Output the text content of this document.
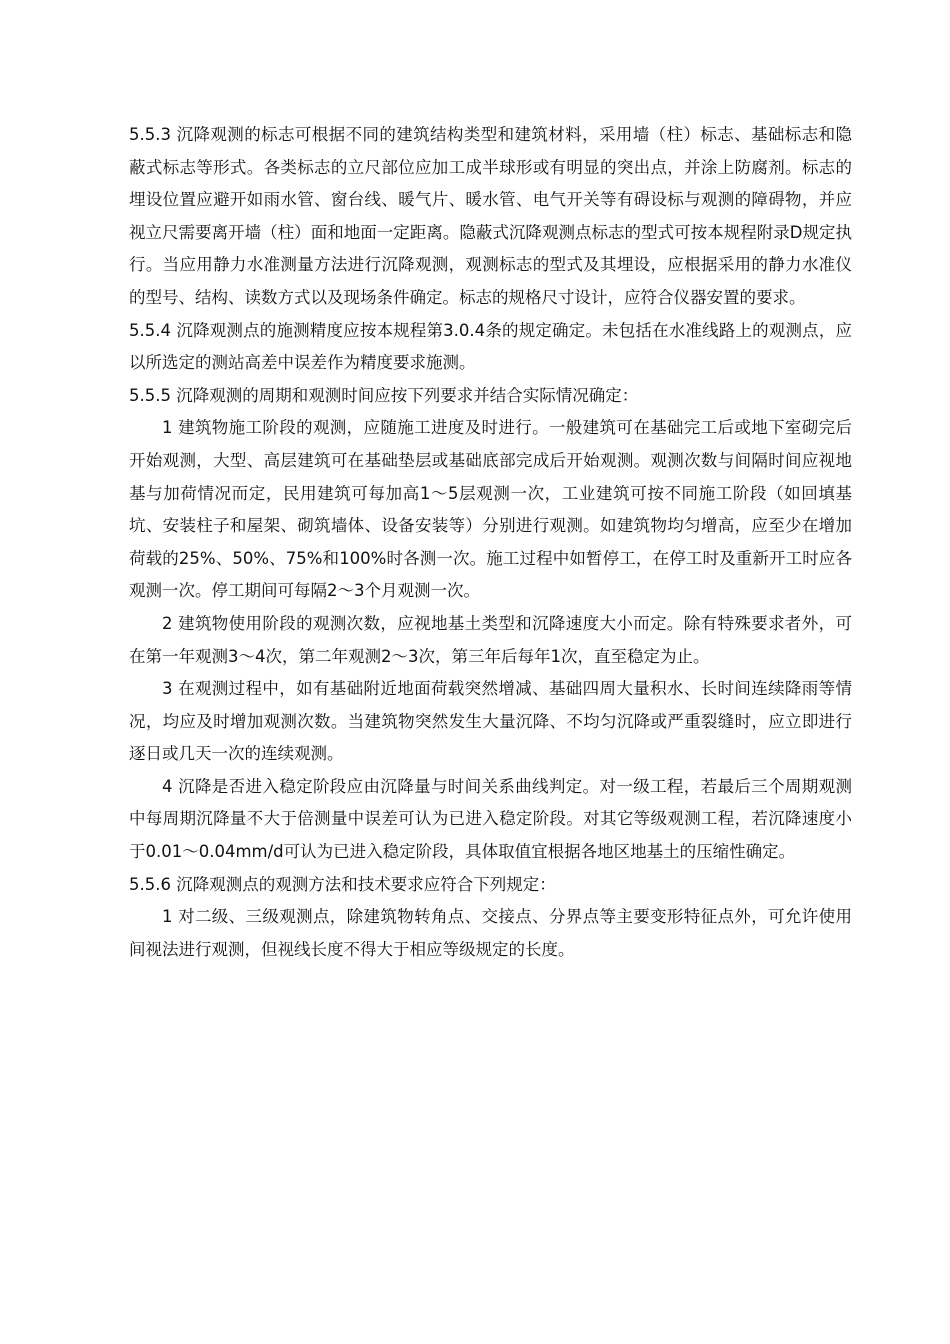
5.5.3 沉降观测的标志可根据不同的建筑结构类型和建筑材料，采用墙（柱）标志、基础标志和隐蔽式标志等形式。各类标志的立尺部位应加工成半球形或有明显的突出点，并涂上防腐剂。标志的埋设位置应避开如雨水管、窗台线、暖气片、暖水管、电气开关等有碍设标与观测的障碍物，并应视立尺需要离开墙（柱）面和地面一定距离。隐蔽式沉降观测点标志的型式可按本规程附录D规定执行。当应用静力水准测量方法进行沉降观测，观测标志的型式及其埋设，应根据采用的静力水准仪的型号、结构、读数方式以及现场条件确定。标志的规格尺寸设计，应符合仪器安置的要求。

5.5.4 沉降观测点的施测精度应按本规程第3.0.4条的规定确定。未包括在水准线路上的观测点，应以所选定的测站高差中误差作为精度要求施测。

5.5.5 沉降观测的周期和观测时间应按下列要求并结合实际情况确定：

1 建筑物施工阶段的观测，应随施工进度及时进行。一般建筑可在基础完工后或地下室砌完后开始观测，大型、高层建筑可在基础垫层或基础底部完成后开始观测。观测次数与间隔时间应视地基与加荷情况而定，民用建筑可每加高1～5层观测一次，工业建筑可按不同施工阶段（如回填基坑、安装柱子和屋架、砌筑墙体、设备安装等）分别进行观测。如建筑物均匀增高，应至少在增加荷载的25%、50%、75%和100%时各测一次。施工过程中如暂停工，在停工时及重新开工时应各观测一次。停工期间可每隔2～3个月观测一次。

2 建筑物使用阶段的观测次数，应视地基土类型和沉降速度大小而定。除有特殊要求者外，可在第一年观测3～4次，第二年观测2～3次，第三年后每年1次，直至稳定为止。

3 在观测过程中，如有基础附近地面荷载突然增减、基础四周大量积水、长时间连续降雨等情况，均应及时增加观测次数。当建筑物突然发生大量沉降、不均匀沉降或严重裂缝时，应立即进行逐日或几天一次的连续观测。

4 沉降是否进入稳定阶段应由沉降量与时间关系曲线判定。对一级工程，若最后三个周期观测中每周期沉降量不大于倍测量中误差可认为已进入稳定阶段。对其它等级观测工程，若沉降速度小于0.01～0.04mm/d可认为已进入稳定阶段，具体取值宜根据各地区地基土的压缩性确定。

5.5.6 沉降观测点的观测方法和技术要求应符合下列规定：

1 对二级、三级观测点，除建筑物转角点、交接点、分界点等主要变形特征点外，可允许使用间视法进行观测，但视线长度不得大于相应等级规定的长度。
